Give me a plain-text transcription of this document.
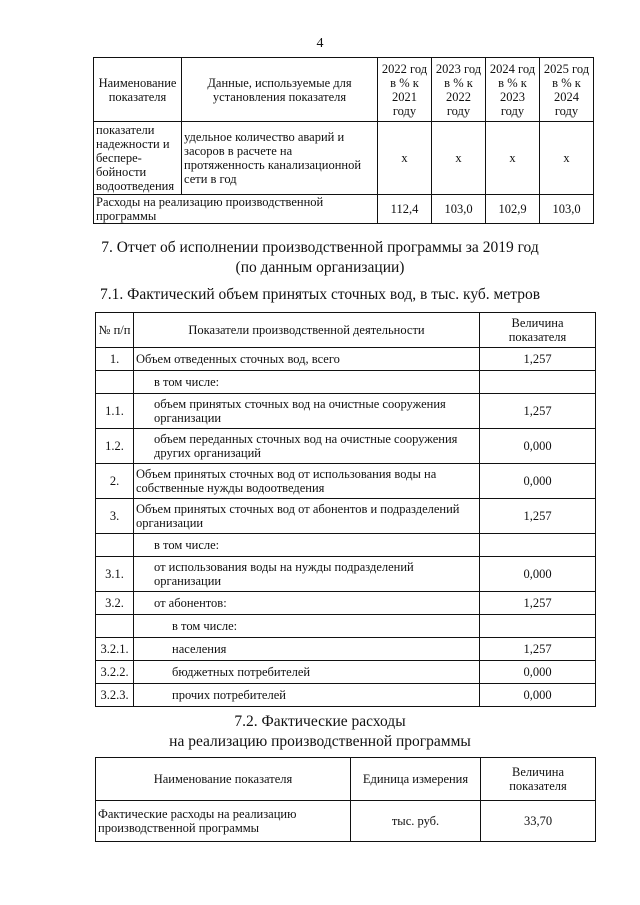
4
Наименование показателя	Данные, используемые для установления показателя	2022 год в % к 2021 году	2023 год в % к 2022 году	2024 год в % к 2023 году	2025 год в % к 2024 году
показатели надежности и беспере-бойности водоотведения	удельное количество аварий и засоров в расчете на протяженность канализационной сети в год	х	х	х	х
Расходы на реализацию производственной программы		112,4	103,0	102,9	103,0
7. Отчет об исполнении производственной программы за 2019 год
(по данным организации)
7.1. Фактический объем принятых сточных вод, в тыс. куб. метров
№ п/п	Показатели производственной деятельности	Величина показателя
1.	Объем отведенных сточных вод, всего	1,257
	в том числе:	
1.1.	объем принятых сточных вод на очистные сооружения организации	1,257
1.2.	объем переданных сточных вод на очистные сооружения других организаций	0,000
2.	Объем принятых сточных вод от использования воды на собственные нужды водоотведения	0,000
3.	Объем принятых сточных вод от абонентов и подразделений организации	1,257
	в том числе:	
3.1.	от использования воды на нужды подразделений организации	0,000
3.2.	от абонентов:	1,257
	в том числе:	
3.2.1.	населения	1,257
3.2.2.	бюджетных потребителей	0,000
3.2.3.	прочих потребителей	0,000
7.2. Фактические расходы
на реализацию производственной программы
Наименование показателя	Единица измерения	Величина показателя
Фактические расходы на реализацию производственной программы	тыс. руб.	33,70
